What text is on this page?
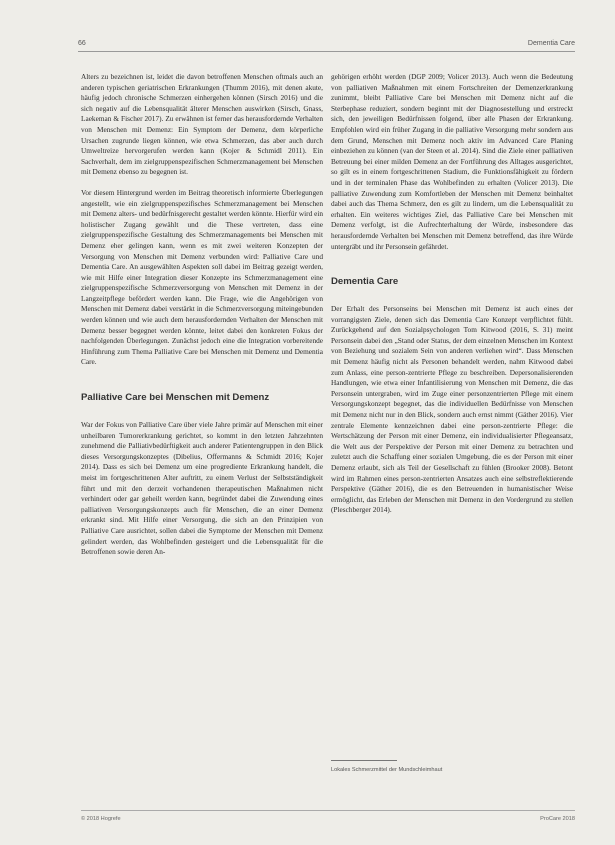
66	Dementia Care

Alters zu bezeichnen ist, leidet die davon betroffenen Menschen oftmals auch an anderen typischen geriatrischen Erkrankungen (Thumm 2016), mit denen akute, häufig jedoch chronische Schmerzen einhergehen können (Sirsch 2016) und die sich negativ auf die Lebensqualität älterer Menschen auswirken (Sirsch, Gnass, Laekeman & Fischer 2017). Zu erwähnen ist ferner das herausfordernde Verhalten von Menschen mit Demenz: Ein Symptom der Demenz, dem körperliche Ursachen zugrunde liegen können, wie etwa Schmerzen, das aber auch durch Umweltreize hervorgerufen werden kann (Kojer & Schmidl 2011). Ein Sachverhalt, dem im zielgruppenspezifischen Schmerzmanagement bei Menschen mit Demenz ebenso zu begegnen ist.

Vor diesem Hintergrund werden im Beitrag theoretisch informierte Überlegungen angestellt, wie ein zielgruppenspezifisches Schmerzmanagement bei Menschen mit Demenz alters- und bedürfnisgerecht gestaltet werden könnte. Hierfür wird ein holistischer Zugang gewählt und die These vertreten, dass eine zielgruppenspezifische Gestaltung des Schmerzmanagements bei Menschen mit Demenz eher gelingen kann, wenn es mit zwei weiteren Konzepten der Versorgung von Menschen mit Demenz verbunden wird: Palliative Care und Dementia Care. An ausgewählten Aspekten soll dabei im Beitrag gezeigt werden, wie mit Hilfe einer Integration dieser Konzepte ins Schmerzmanagement eine zielgruppenspezifische Schmerzversorgung von Menschen mit Demenz in der Langzeitpflege befördert werden kann. Die Frage, wie die Angehörigen von Menschen mit Demenz dabei verstärkt in die Schmerzversorgung miteingebunden werden können und wie auch dem herausfordernden Verhalten der Menschen mit Demenz besser begegnet werden könnte, leitet dabei den konkreten Fokus der nachfolgenden Überlegungen. Zunächst jedoch eine die Integration vorbereitende Hinführung zum Thema Palliative Care bei Menschen mit Demenz und Dementia Care.

Palliative Care bei Menschen mit Demenz

War der Fokus von Palliative Care über viele Jahre primär auf Menschen mit einer unheilbaren Tumorerkrankung gerichtet, so kommt in den letzten Jahrzehnten zunehmend die Palliativbedürftigkeit auch anderer Patientengruppen in den Blick dieses Versorgungskonzeptes (Dibelius, Offermanns & Schmidt 2016; Kojer 2014). Dass es sich bei Demenz um eine progrediente Erkrankung handelt, die meist im fortgeschrittenen Alter auftritt, zu einem Verlust der Selbstständigkeit führt und mit den derzeit vorhandenen therapeutischen Maßnahmen nicht verhindert oder gar geheilt werden kann, begründet dabei die Zuwendung eines palliativen Versorgungskonzepts auch für Menschen, die an einer Demenz erkrankt sind. Mit Hilfe einer Versorgung, die sich an den Prinzipien von Palliative Care ausrichtet, sollen dabei die Symptome der Menschen mit Demenz gelindert werden, das Wohlbefinden gesteigert und die Lebensqualität für die Betroffenen sowie deren An-

gehörigen erhöht werden (DGP 2009; Volicer 2013). Auch wenn die Bedeutung von palliativen Maßnahmen mit einem Fortschreiten der Demenzerkrankung zunimmt, bleibt Palliative Care bei Menschen mit Demenz nicht auf die Sterbephase reduziert, sondern beginnt mit der Diagnosestellung und erstreckt sich, den jeweiligen Bedürfnissen folgend, über alle Phasen der Erkrankung. Empfohlen wird ein früher Zugang in die palliative Versorgung mehr sondern aus dem Grund, Menschen mit Demenz noch aktiv im Advanced Care Planing einbeziehen zu können (van der Steen et al. 2014). Sind die Ziele einer palliativen Betreuung bei einer milden Demenz an der Fortführung des Alltages ausgerichtet, so gilt es in einem fortgeschrittenen Stadium, die Funktionsfähigkeit zu fördern und in der terminalen Phase das Wohlbefinden zu erhalten (Volicer 2013). Die palliative Zuwendung zum Komfortleben der Menschen mit Demenz beinhaltet dabei auch das Thema Schmerz, den es gilt zu lindern, um die Lebensqualität zu erhalten. Ein weiteres wichtiges Ziel, das Palliative Care bei Menschen mit Demenz verfolgt, ist die Aufrechterhaltung der Würde, insbesondere das herausfordernde Verhalten bei Menschen mit Demenz betreffend, das ihre Würde untergräbt und ihr Personsein gefährdet.

Dementia Care

Der Erhalt des Personseins bei Menschen mit Demenz ist auch eines der vorrangigsten Ziele, denen sich das Dementia Care Konzept verpflichtet fühlt. Zurückgehend auf den Sozialpsychologen Tom Kitwood (2016, S. 31) meint Personsein dabei den „Stand oder Status, der dem einzelnen Menschen im Kontext von Beziehung und sozialem Sein von anderen verliehen wird“. Dass Menschen mit Demenz häufig nicht als Personen behandelt werden, nahm Kitwood dabei zum Anlass, eine person-zentrierte Pflege zu beschreiben. Depersonalisierenden Handlungen, wie etwa einer Infantilisierung von Menschen mit Demenz, die das Personsein untergraben, wird im Zuge einer personzentrierten Pflege mit einem Versorgungskonzept begegnet, das die individuellen Bedürfnisse von Menschen mit Demenz nicht nur in den Blick, sondern auch ernst nimmt (Gäther 2016). Vier zentrale Elemente kennzeichnen dabei eine person-zentrierte Pflege: die Wertschätzung der Person mit einer Demenz, ein individualisierter Pflegeansatz, die Welt aus der Perspektive der Person mit einer Demenz zu betrachten und zuletzt auch die Schaffung einer sozialen Umgebung, die es der Person mit einer Demenz erlaubt, sich als Teil der Gesellschaft zu fühlen (Brooker 2008). Betont wird im Rahmen eines person-zentrierten Ansatzes auch eine selbstreflektierende Perspektive (Gäther 2016), die es den Betreuenden in humanistischer Weise ermöglicht, das Erleben der Menschen mit Demenz in den Vordergrund zu stellen (Pleschberger 2014).

Lokales Schmerzmittel der Mundschleimhaut
© 2018 Hogrefe	ProCare 2018
